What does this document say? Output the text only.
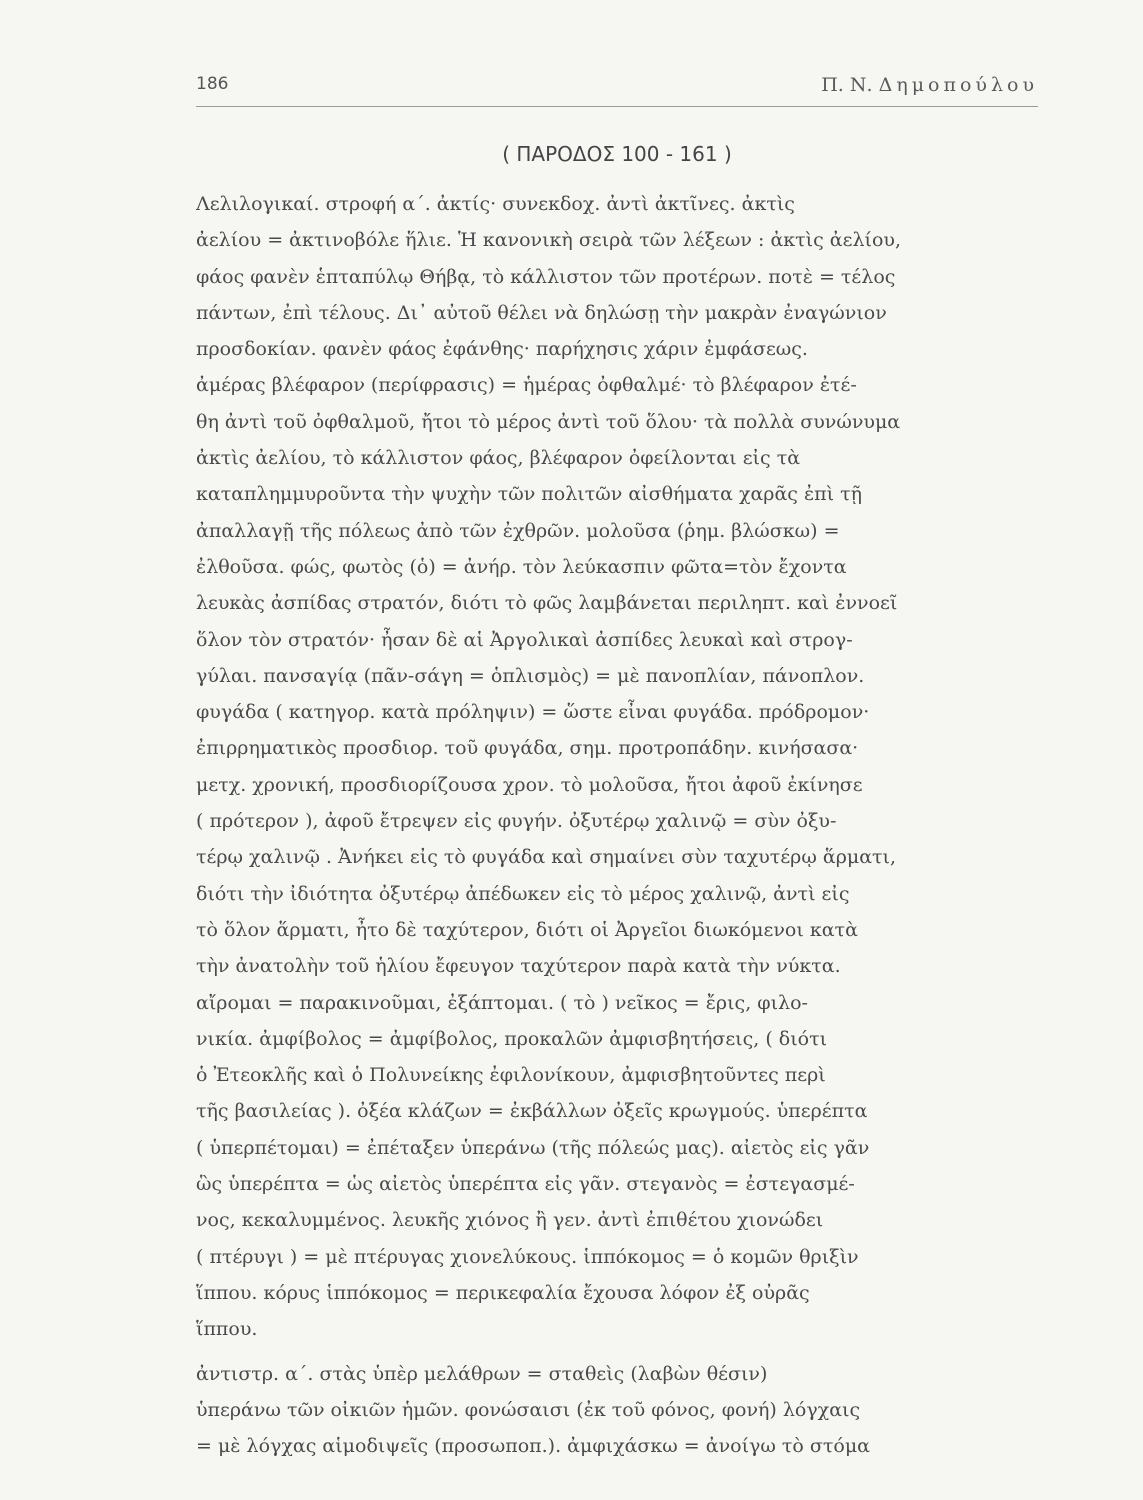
186	Π. Ν. Δημοπούλου
( ΠΑΡΟΔΟΣ 100 - 161 )
Λελιλογικαί. στροφή α΄. ἀκτίς· συνεκδοχ. ἀντὶ ἀκτῖνες. ἀκτὶς
ἀελίου = ἀκτινοβόλε ἥλιε. Ἡ κανονικὴ σειρὰ τῶν λέξεων : ἀκτὶς ἀελίου,
φάος φανὲν ἑπταπύλῳ Θήβᾳ, τὸ κάλλιστον τῶν προτέρων. ποτὲ = τέλος
πάντων, ἐπὶ τέλους. Δι᾽ αὐτοῦ θέλει νὰ δηλώσῃ τὴν μακρὰν ἐναγώνιον
προσδοκίαν. φανὲν φάος ἐφάνθης· παρήχησις χάριν ἐμφάσεως.
ἀμέρας βλέφαρον (περίφρασις) = ἡμέρας ὀφθαλμέ· τὸ βλέφαρον ἐτέ-
θη ἀντὶ τοῦ ὀφθαλμοῦ, ἤτοι τὸ μέρος ἀντὶ τοῦ ὅλου· τὰ πολλὰ συνώνυμα
ἀκτὶς ἀελίου, τὸ κάλλιστον φάος, βλέφαρον ὀφείλονται εἰς τὰ
καταπλημμυροῦντα τὴν ψυχὴν τῶν πολιτῶν αἰσθήματα χαρᾶς ἐπὶ τῇ
ἀπαλλαγῇ τῆς πόλεως ἀπὸ τῶν ἐχθρῶν. μολοῦσα (ῥημ. βλώσκω) =
ἐλθοῦσα. φώς, φωτὸς (ὁ) = ἀνήρ. τὸν λεύκασπιν φῶτα=τὸν ἔχοντα
λευκὰς ἀσπίδας στρατόν, διότι τὸ φῶς λαμβάνεται περιληπτ. καὶ ἐννοεῖ
ὅλον τὸν στρατόν· ἦσαν δὲ αἱ Ἀργολικαὶ ἀσπίδες λευκαὶ καὶ στρογ-
γύλαι. πανσαγίᾳ (πᾶν-σάγη = ὁπλισμὸς) = μὲ πανοπλίαν, πάνοπλον.
φυγάδα ( κατηγορ. κατὰ πρόληψιν) = ὥστε εἶναι φυγάδα. πρόδρομον·
ἐπιρρηματικὸς προσδιορ. τοῦ φυγάδα, σημ. προτροπάδην. κινήσασα·
μετχ. χρονική, προσδιορίζουσα χρον. τὸ μολοῦσα, ἤτοι ἀφοῦ ἐκίνησε
( πρότερον ), ἀφοῦ ἔτρεψεν εἰς φυγήν. ὀξυτέρῳ χαλινῷ = σὺν ὀξυ-
τέρῳ χαλινῷ . Ἀνήκει εἰς τὸ φυγάδα καὶ σημαίνει σὺν ταχυτέρῳ ἅρματι,
διότι τὴν ἰδιότητα ὀξυτέρῳ ἀπέδωκεν εἰς τὸ μέρος χαλινῷ, ἀντὶ εἰς
τὸ ὅλον ἅρματι, ἦτο δὲ ταχύτερον, διότι οἱ Ἀργεῖοι διωκόμενοι κατὰ
τὴν ἀνατολὴν τοῦ ἡλίου ἔφευγον ταχύτερον παρὰ κατὰ τὴν νύκτα.
αἴρομαι = παρακινοῦμαι, ἐξάπτομαι. ( τὸ ) νεῖκος = ἔρις, φιλο-
νικία. ἀμφίβολος = ἀμφίβολος, προκαλῶν ἀμφισβητήσεις, ( διότι
ὁ Ἐτεοκλῆς καὶ ὁ Πολυνείκης ἐφιλονίκουν, ἀμφισβητοῦντες περὶ
τῆς βασιλείας ). ὀξέα κλάζων = ἐκβάλλων ὀξεῖς κρωγμούς. ὑπερέπτα
( ὑπερπέτομαι) = ἐπέταξεν ὑπεράνω (τῆς πόλεώς μας). αἰετὸς εἰς γᾶν
ὣς ὑπερέπτα = ὡς αἰετὸς ὑπερέπτα εἰς γᾶν. στεγανὸς = ἐστεγασμέ-
νος, κεκαλυμμένος. λευκῆς χιόνος ἢ γεν. ἀντὶ ἐπιθέτου χιονώδει
( πτέρυγι ) = μὲ πτέρυγας χιονελύκους. ἱππόκομος = ὁ κομῶν θριξὶν
ἵππου. κόρυς ἱππόκομος = περικεφαλία ἔχουσα λόφον ἐξ οὐρᾶς
ἵππου.
ἀντιστρ. α΄. στὰς ὑπὲρ μελάθρων = σταθεὶς (λαβὼν θέσιν)
ὑπεράνω τῶν οἰκιῶν ἡμῶν. φονώσαισι (ἐκ τοῦ φόνος, φονή) λόγχαις
= μὲ λόγχας αἱμοδιψεῖς (προσωποπ.). ἀμφιχάσκω = ἀνοίγω τὸ στόμα
